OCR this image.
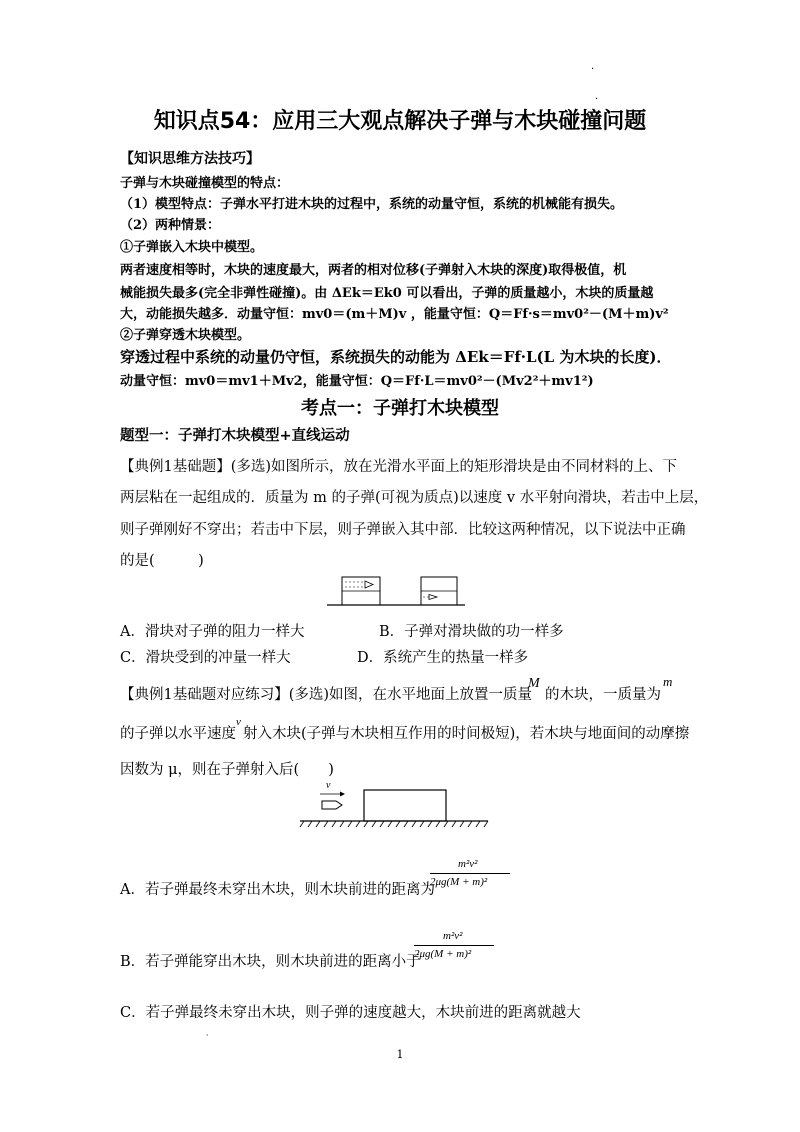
·
·
知识点54：应用三大观点解决子弹与木块碰撞问题
【知识思维方法技巧】
子弹与木块碰撞模型的特点：
（1）模型特点：子弹水平打进木块的过程中，系统的动量守恒，系统的机械能有损失。
（2）两种情景：
①子弹嵌入木块中模型。
两者速度相等时，木块的速度最大，两者的相对位移(子弹射入木块的深度)取得极值，机
械能损失最多(完全非弹性碰撞)。由 ΔEk＝Ek0 可以看出，子弹的质量越小，木块的质量越
大，动能损失越多．动量守恒：mv0＝(m＋M)v ，能量守恒：Q＝Ff·s＝mv0²－(M＋m)v²
②子弹穿透木块模型。
穿透过程中系统的动量仍守恒，系统损失的动能为 ΔEk＝Ff·L(L 为木块的长度)．
动量守恒：mv0＝mv1＋Mv2，能量守恒：Q＝Ff·L＝mv0²－(Mv2²＋mv1²)
考点一：子弹打木块模型
题型一：子弹打木块模型+直线运动
【典例1基础题】(多选)如图所示，放在光滑水平面上的矩形滑块是由不同材料的上、下
两层粘在一起组成的．质量为 m 的子弹(可视为质点)以速度 v 水平射向滑块，若击中上层，
则子弹刚好不穿出；若击中下层，则子弹嵌入其中部．比较这两种情况，以下说法中正确
的是(　　　)
A．滑块对子弹的阻力一样大	B．子弹对滑块做的功一样多
C．滑块受到的冲量一样大	D．系统产生的热量一样多
【典例1基础题对应练习】(多选)如图，在水平地面上放置一质量
M
的木块，一质量为
m
的子弹以水平速度
v
射入木块(子弹与木块相互作用的时间极短)，若木块与地面间的动摩擦
因数为 μ，则在子弹射入后(　　)
v
A．若子弹最终未穿出木块，则木块前进的距离为
m²v²
2μg(M + m)²
B．若子弹能穿出木块，则木块前进的距离小于
m²v²
2μg(M + m)²
C．若子弹最终未穿出木块，则子弹的速度越大，木块前进的距离就越大
·
1
